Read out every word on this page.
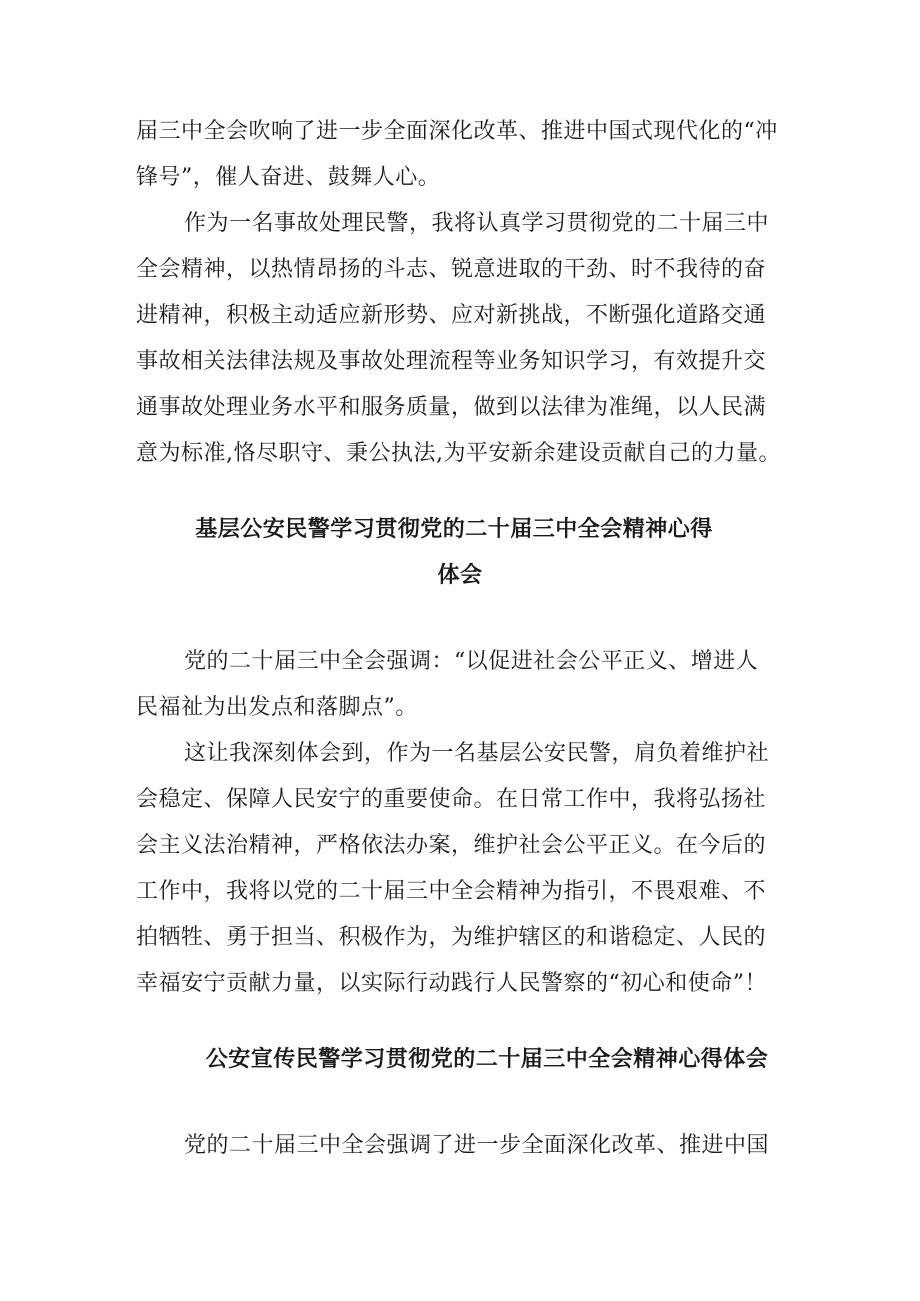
届三中全会吹响了进一步全面深化改革、推进中国式现代化的“冲
锋号”，催人奋进、鼓舞人心。
作为一名事故处理民警，我将认真学习贯彻党的二十届三中
全会精神，以热情昂扬的斗志、锐意进取的干劲、时不我待的奋
进精神，积极主动适应新形势、应对新挑战，不断强化道路交通
事故相关法律法规及事故处理流程等业务知识学习，有效提升交
通事故处理业务水平和服务质量，做到以法律为准绳，以人民满
意为标准,恪尽职守、秉公执法,为平安新余建设贡献自己的力量。
基层公安民警学习贯彻党的二十届三中全会精神心得
体会
党的二十届三中全会强调：“以促进社会公平正义、增进人
民福祉为出发点和落脚点”。
这让我深刻体会到，作为一名基层公安民警，肩负着维护社
会稳定、保障人民安宁的重要使命。在日常工作中，我将弘扬社
会主义法治精神，严格依法办案，维护社会公平正义。在今后的
工作中，我将以党的二十届三中全会精神为指引，不畏艰难、不
拍牺牲、勇于担当、积极作为，为维护辖区的和谐稳定、人民的
幸福安宁贡献力量，以实际行动践行人民警察的“初心和使命”！
公安宣传民警学习贯彻党的二十届三中全会精神心得体会
党的二十届三中全会强调了进一步全面深化改革、推进中国
